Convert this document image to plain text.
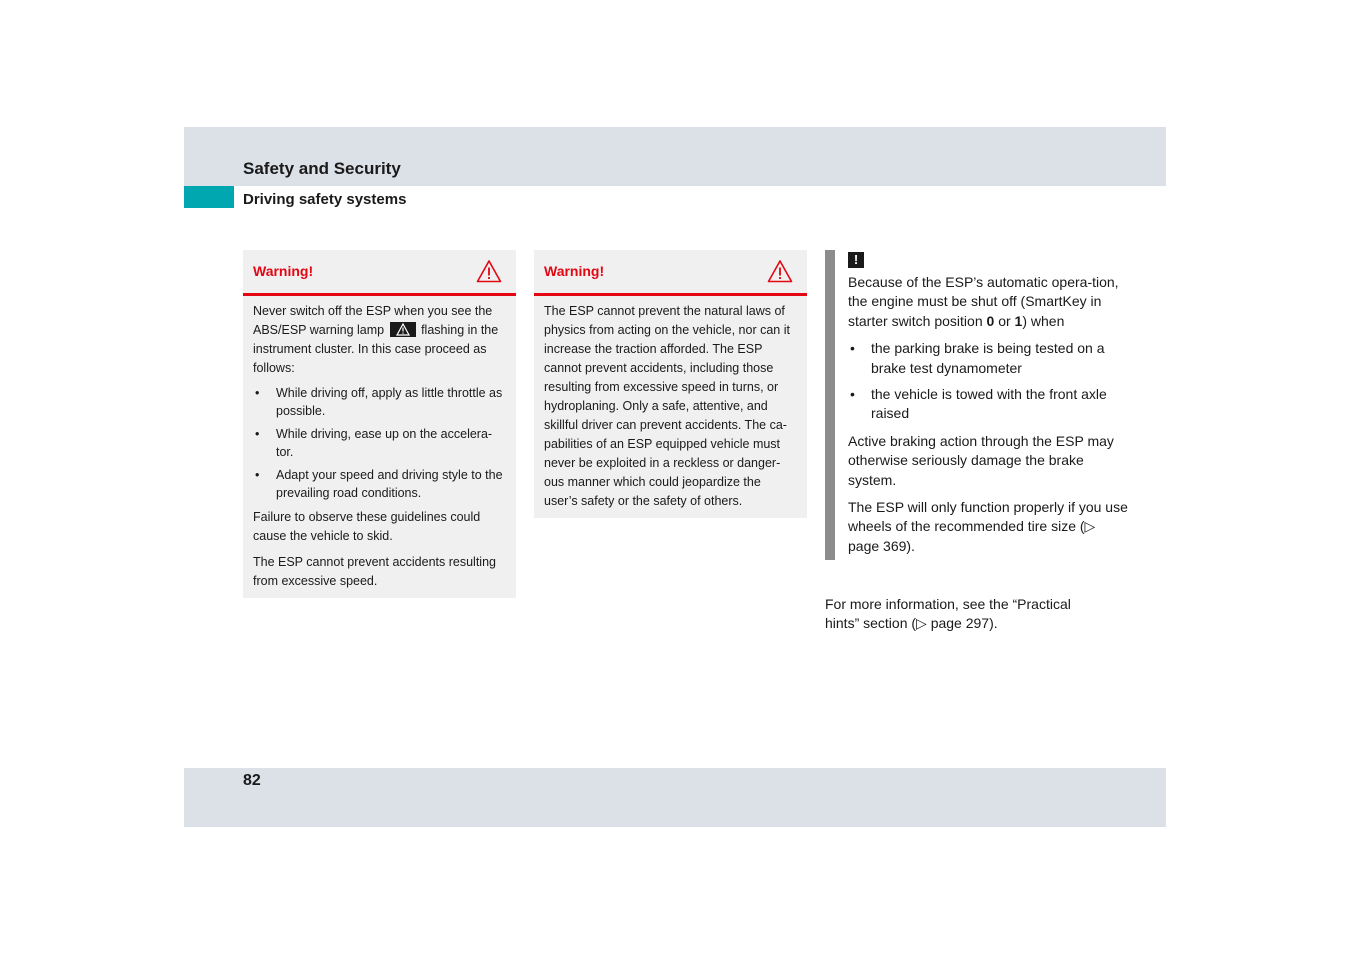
Safety and Security
Driving safety systems
Warning!

Never switch off the ESP when you see the ABS/ESP warning lamp	flashing in the instrument cluster. In this case proceed as follows:

• While driving off, apply as little throttle as possible.
• While driving, ease up on the accelera-tor.
• Adapt your speed and driving style to the prevailing road conditions.

Failure to observe these guidelines could cause the vehicle to skid.

The ESP cannot prevent accidents resulting from excessive speed.

Warning!

The ESP cannot prevent the natural laws of physics from acting on the vehicle, nor can it increase the traction afforded. The ESP cannot prevent accidents, including those resulting from excessive speed in turns, or hydroplaning. Only a safe, attentive, and skillful driver can prevent accidents. The ca-pabilities of an ESP equipped vehicle must never be exploited in a reckless or danger-ous manner which could jeopardize the user’s safety or the safety of others.

!

Because of the ESP’s automatic opera-tion, the engine must be shut off (SmartKey in starter switch position 0 or 1) when

• the parking brake is being tested on a brake test dynamometer
• the vehicle is towed with the front axle raised

Active braking action through the ESP may otherwise seriously damage the brake system.

The ESP will only function properly if you use wheels of the recommended tire size (▷ page 369).

For more information, see the “Practical hints” section (▷ page 297).
82
